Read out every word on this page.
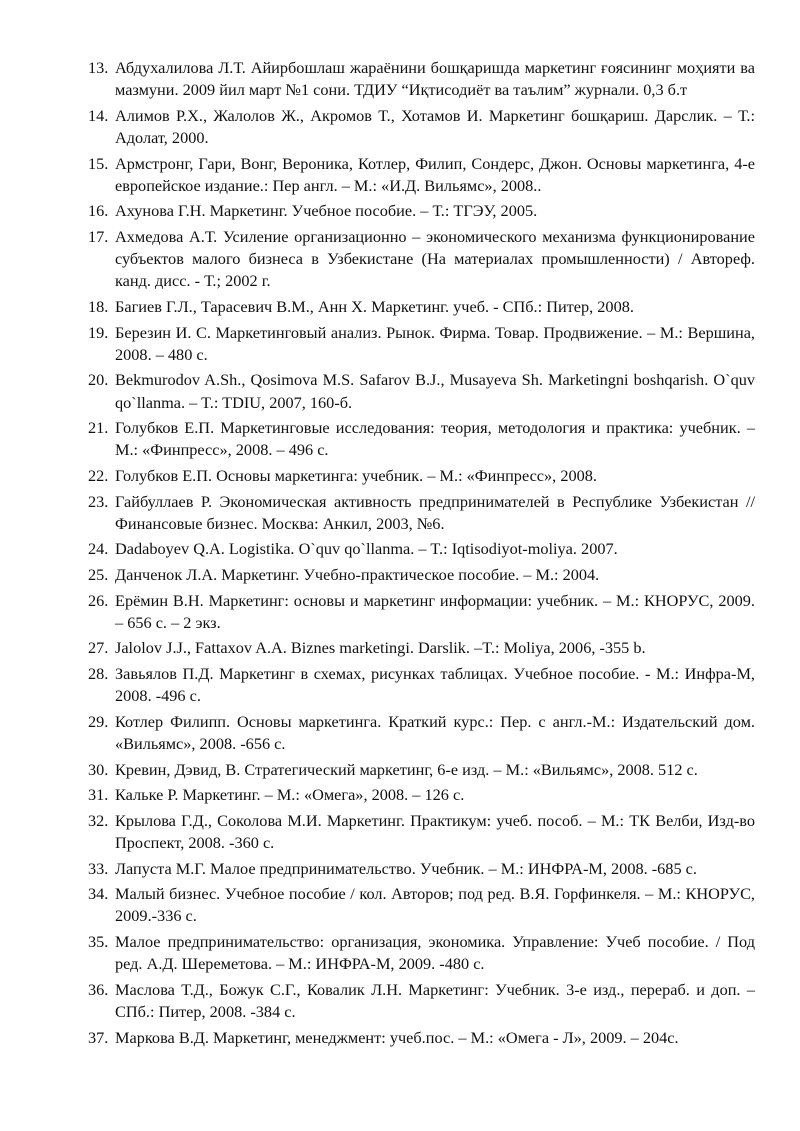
13. Абдухалилова Л.Т. Айирбошлаш жараёнини бошқаришда маркетинг ғоясининг моҳияти ва мазмуни. 2009 йил март №1 сони. ТДИУ “Иқтисодиёт ва таълим” журнали. 0,3 б.т
14. Алимов Р.Х., Жалолов Ж., Акромов Т., Хотамов И. Маркетинг бошқариш. Дарслик. – Т.: Адолат, 2000.
15. Армстронг, Гари, Вонг, Вероника, Котлер, Филип, Сондерс, Джон. Основы маркетинга, 4-е европейское издание.: Пер англ. – М.: «И.Д. Вильямс», 2008..
16. Ахунова Г.Н. Маркетинг. Учебное пособие. – Т.: ТГЭУ, 2005.
17. Ахмедова А.Т. Усиление организационно – экономического механизма функционирование субъектов малого бизнеса в Узбекистане (На материалах промышленности) / Автореф. канд. дисс. - Т.; 2002 г.
18. Багиев Г.Л., Тарасевич В.М., Анн Х. Маркетинг. учеб. - СПб.: Питер, 2008.
19. Березин И. С. Маркетинговый анализ. Рынок. Фирма. Товар. Продвижение. – М.: Вершина, 2008. – 480 с.
20. Bekmurodov A.Sh., Qosimova M.S. Safarov B.J., Musayeva Sh. Marketingni boshqarish. O`quv qo`llanma. – T.: TDIU, 2007, 160-б.
21. Голубков Е.П. Маркетинговые исследования: теория, методология и практика: учебник. – М.: «Финпресс», 2008. – 496 с.
22. Голубков Е.П. Основы маркетинга: учебник. – М.: «Финпресс», 2008.
23. Гайбуллаев Р. Экономическая активность предпринимателей в Республике Узбекистан // Финансовые бизнес. Москва: Анкил, 2003, №6.
24. Dadaboyev Q.A. Logistika. O`quv qo`llanma. – T.: Iqtisodiyot-moliya. 2007.
25. Данченок Л.А. Маркетинг. Учебно-практическое пособие. – М.: 2004.
26. Ерёмин В.Н. Маркетинг: основы и маркетинг информации: учебник. – М.: КНОРУС, 2009. – 656 с. – 2 экз.
27. Jalolov J.J., Fattaxov A.A. Biznes marketingi. Darslik. –T.: Moliya, 2006, -355 b.
28. Завьялов П.Д. Маркетинг в схемах, рисунках таблицах. Учебное пособие. - М.: Инфра-М, 2008. -496 с.
29. Котлер Филипп. Основы маркетинга. Краткий курс.: Пер. с англ.-М.: Издательский дом. «Вильямс», 2008. -656 с.
30. Кревин, Дэвид, В. Стратегический маркетинг, 6-е изд. – М.: «Вильямс», 2008. 512 с.
31. Кальке Р. Маркетинг. – М.: «Омега», 2008. – 126 с.
32. Крылова Г.Д., Соколова М.И. Маркетинг. Практикум: учеб. пособ. – М.: ТК Велби, Изд-во Проспект, 2008. -360 с.
33. Лапуста М.Г. Малое предпринимательство. Учебник. – М.: ИНФРА-М, 2008. -685 с.
34. Малый бизнес. Учебное пособие / кол. Авторов; под ред. В.Я. Горфинкеля. – М.: КНОРУС, 2009.-336 с.
35. Малое предпринимательство: организация, экономика. Управление: Учеб пособие. / Под ред. А.Д. Шереметова. – М.: ИНФРА-М, 2009. -480 с.
36. Маслова Т.Д., Божук С.Г., Ковалик Л.Н. Маркетинг: Учебник. 3-е изд., перераб. и доп. –СПб.: Питер, 2008. -384 с.
37. Маркова В.Д. Маркетинг, менеджмент: учеб.пос. – М.: «Омега - Л», 2009. – 204с.
